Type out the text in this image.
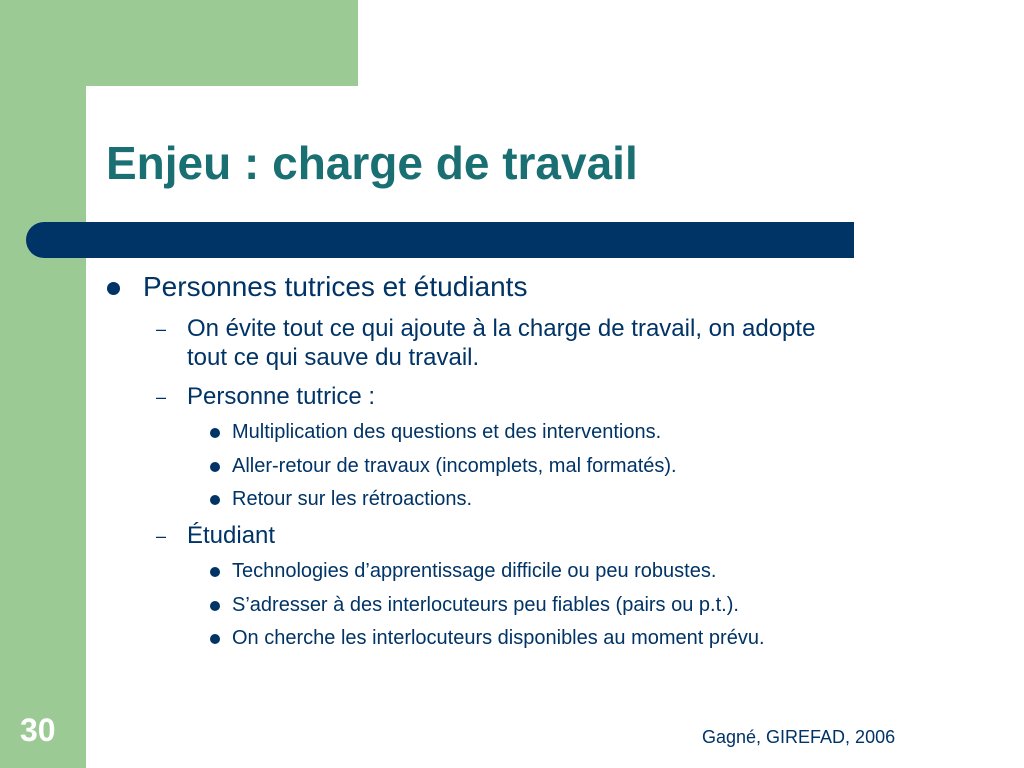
Enjeu : charge de travail

Personnes tutrices et étudiants

– On évite tout ce qui ajoute à la charge de travail, on adopte

tout ce qui sauve du travail.

– Personne tutrice :

Multiplication des questions et des interventions.

Aller-retour de travaux (incomplets, mal formatés).

Retour sur les rétroactions.

– Étudiant

Technologies d’apprentissage difficile ou peu robustes.

S’adresser à des interlocuteurs peu fiables (pairs ou p.t.).

On cherche les interlocuteurs disponibles au moment prévu.

30	Gagné, GIREFAD, 2006
